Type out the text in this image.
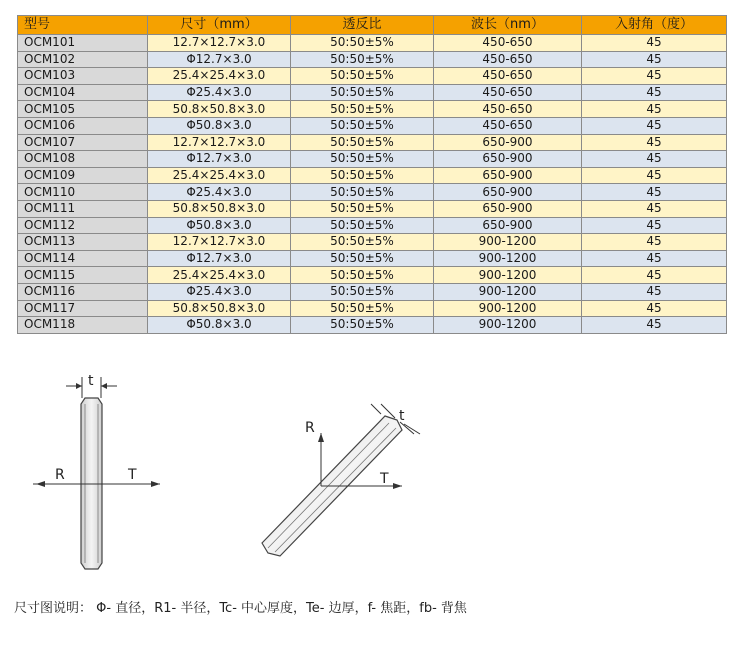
型号	尺寸（mm）	透反比	波长（nm）	入射角（度）
OCM101	12.7×12.7×3.0	50:50±5%	450-650	45
OCM102	Φ12.7×3.0	50:50±5%	450-650	45
OCM103	25.4×25.4×3.0	50:50±5%	450-650	45
OCM104	Φ25.4×3.0	50:50±5%	450-650	45
OCM105	50.8×50.8×3.0	50:50±5%	450-650	45
OCM106	Φ50.8×3.0	50:50±5%	450-650	45
OCM107	12.7×12.7×3.0	50:50±5%	650-900	45
OCM108	Φ12.7×3.0	50:50±5%	650-900	45
OCM109	25.4×25.4×3.0	50:50±5%	650-900	45
OCM110	Φ25.4×3.0	50:50±5%	650-900	45
OCM111	50.8×50.8×3.0	50:50±5%	650-900	45
OCM112	Φ50.8×3.0	50:50±5%	650-900	45
OCM113	12.7×12.7×3.0	50:50±5%	900-1200	45
OCM114	Φ12.7×3.0	50:50±5%	900-1200	45
OCM115	25.4×25.4×3.0	50:50±5%	900-1200	45
OCM116	Φ25.4×3.0	50:50±5%	900-1200	45
OCM117	50.8×50.8×3.0	50:50±5%	900-1200	45
OCM118	Φ50.8×3.0	50:50±5%	900-1200	45
t
R	T
t
R
T
尺寸图说明： Φ- 直径，R1- 半径，Tc- 中心厚度，Te- 边厚，f- 焦距，fb- 背焦
